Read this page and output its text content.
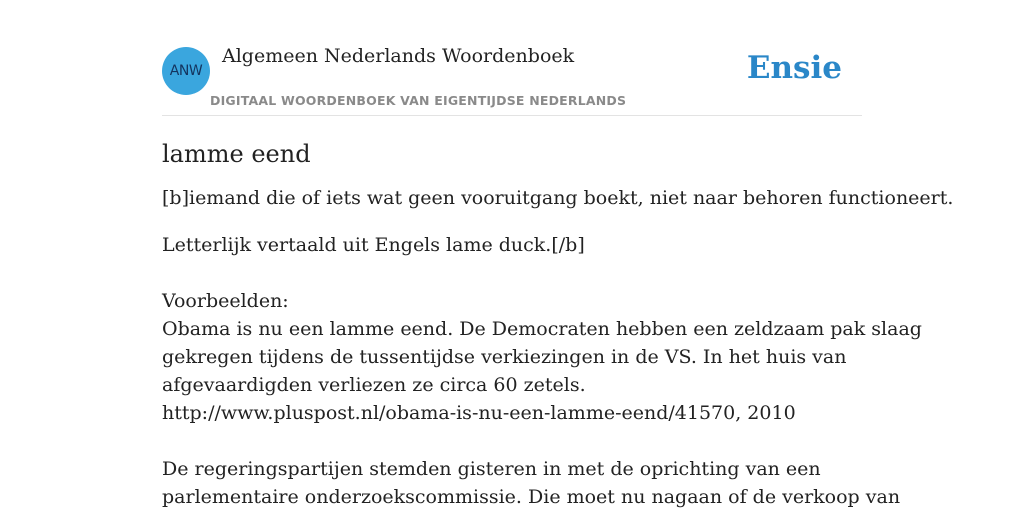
ANW
Algemeen Nederlands Woordenboek
DIGITAAL WOORDENBOEK VAN EIGENTIJDSE NEDERLANDS
Ensie
lamme eend
[b]iemand die of iets wat geen vooruitgang boekt, niet naar behoren functioneert.
Letterlijk vertaald uit Engels lame duck.[/b]
Voorbeelden:
Obama is nu een lamme eend. De Democraten hebben een zeldzaam pak slaag
gekregen tijdens de tussentijdse verkiezingen in de VS. In het huis van
afgevaardigden verliezen ze circa 60 zetels.
http://www.pluspost.nl/obama-is-nu-een-lamme-eend/41570, 2010
De regeringspartijen stemden gisteren in met de oprichting van een
parlementaire onderzoekscommissie. Die moet nu nagaan of de verkoop van
